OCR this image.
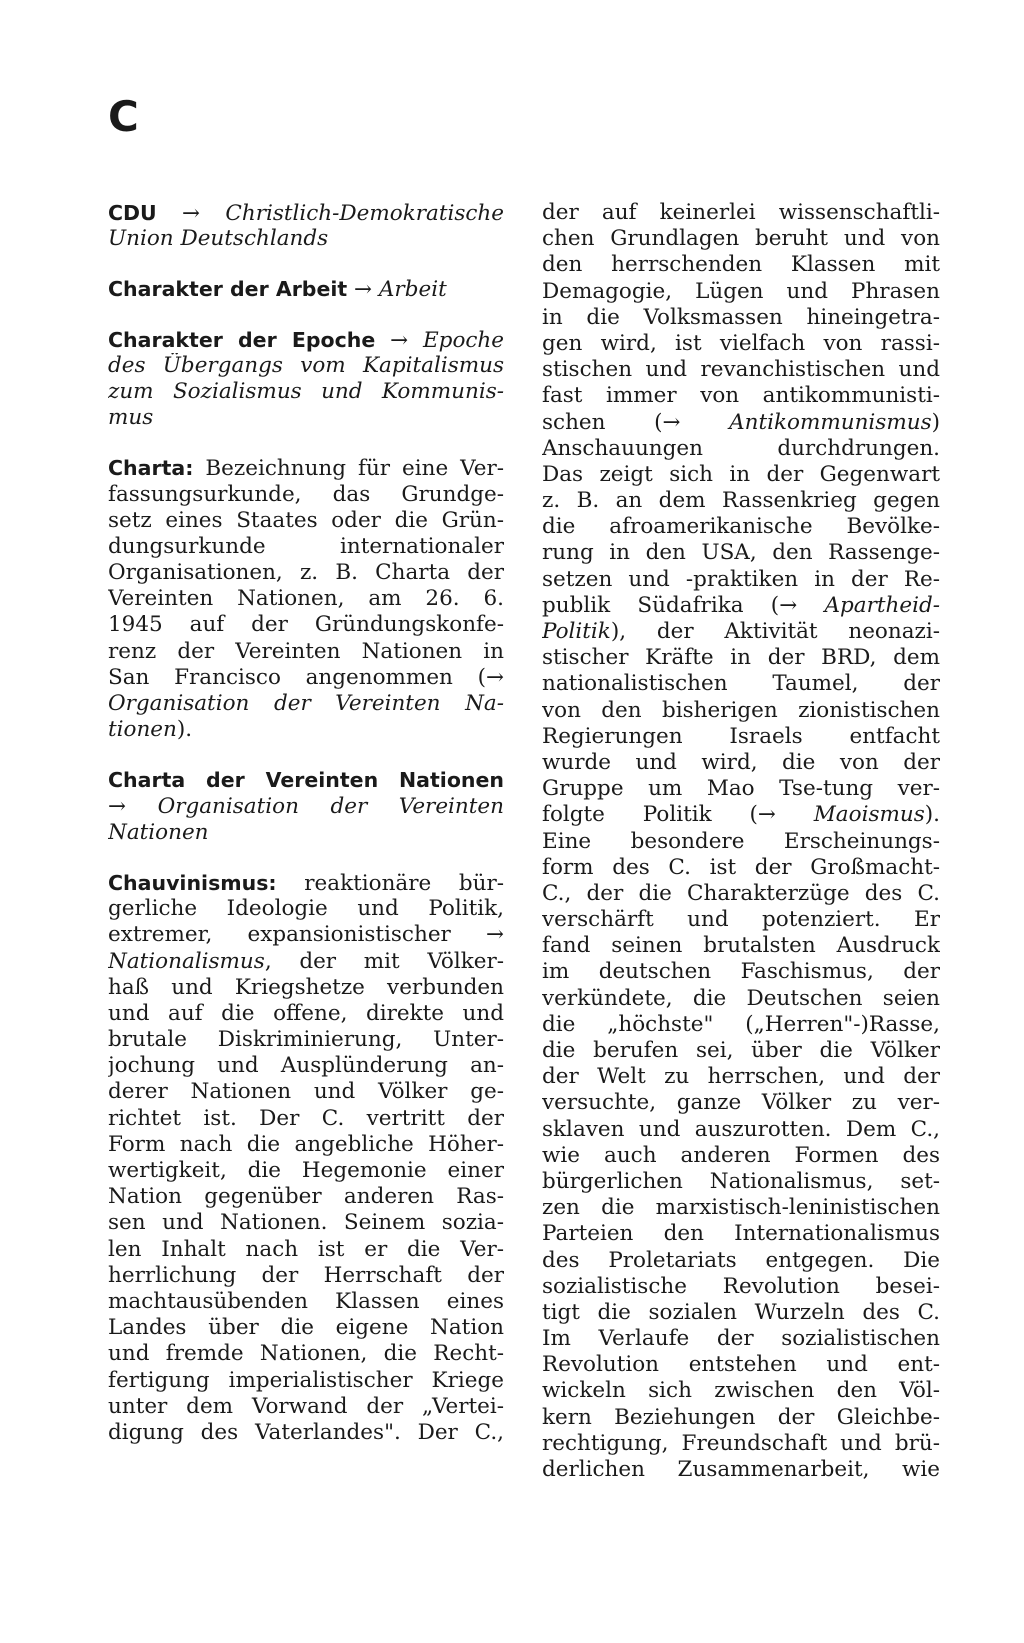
C
CDU → Christlich-Demokratische
Union Deutschlands
Charakter der Arbeit → Arbeit
Charakter der Epoche → Epoche
des Übergangs vom Kapitalismus
zum Sozialismus und Kommunis-
mus
Charta: Bezeichnung für eine Ver-
fassungsurkunde, das Grundge-
setz eines Staates oder die Grün-
dungsurkunde internationaler
Organisationen, z. B. Charta der
Vereinten Nationen, am 26. 6.
1945 auf der Gründungskonfe-
renz der Vereinten Nationen in
San Francisco angenommen (→
Organisation der Vereinten Na-
tionen).
Charta der Vereinten Nationen
→ Organisation der Vereinten
Nationen
Chauvinismus: reaktionäre bür-
gerliche Ideologie und Politik,
extremer, expansionistischer →
Nationalismus, der mit Völker-
haß und Kriegshetze verbunden
und auf die offene, direkte und
brutale Diskriminierung, Unter-
jochung und Ausplünderung an-
derer Nationen und Völker ge-
richtet ist. Der C. vertritt der
Form nach die angebliche Höher-
wertigkeit, die Hegemonie einer
Nation gegenüber anderen Ras-
sen und Nationen. Seinem sozia-
len Inhalt nach ist er die Ver-
herrlichung der Herrschaft der
machtausübenden Klassen eines
Landes über die eigene Nation
und fremde Nationen, die Recht-
fertigung imperialistischer Kriege
unter dem Vorwand der „Vertei-
digung des Vaterlandes". Der C.,
der auf keinerlei wissenschaftli-
chen Grundlagen beruht und von
den herrschenden Klassen mit
Demagogie, Lügen und Phrasen
in die Volksmassen hineingetra-
gen wird, ist vielfach von rassi-
stischen und revanchistischen und
fast immer von antikommunisti-
schen (→ Antikommunismus)
Anschauungen durchdrungen.
Das zeigt sich in der Gegenwart
z. B. an dem Rassenkrieg gegen
die afroamerikanische Bevölke-
rung in den USA, den Rassenge-
setzen und -praktiken in der Re-
publik Südafrika (→ Apartheid-
Politik), der Aktivität neonazi-
stischer Kräfte in der BRD, dem
nationalistischen Taumel, der
von den bisherigen zionistischen
Regierungen Israels entfacht
wurde und wird, die von der
Gruppe um Mao Tse-tung ver-
folgte Politik (→ Maoismus).
Eine besondere Erscheinungs-
form des C. ist der Großmacht-
C., der die Charakterzüge des C.
verschärft und potenziert. Er
fand seinen brutalsten Ausdruck
im deutschen Faschismus, der
verkündete, die Deutschen seien
die „höchste" („Herren"-)Rasse,
die berufen sei, über die Völker
der Welt zu herrschen, und der
versuchte, ganze Völker zu ver-
sklaven und auszurotten. Dem C.,
wie auch anderen Formen des
bürgerlichen Nationalismus, set-
zen die marxistisch-leninistischen
Parteien den Internationalismus
des Proletariats entgegen. Die
sozialistische Revolution besei-
tigt die sozialen Wurzeln des C.
Im Verlaufe der sozialistischen
Revolution entstehen und ent-
wickeln sich zwischen den Völ-
kern Beziehungen der Gleichbe-
rechtigung, Freundschaft und brü-
derlichen Zusammenarbeit, wie
